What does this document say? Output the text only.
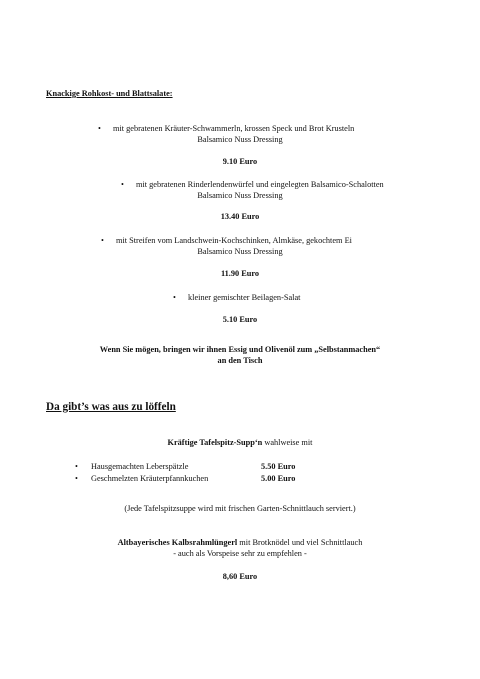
Knackige Rohkost- und Blattsalate:
• mit gebratenen Kräuter-Schwammerln, krossen Speck und Brot Krusteln
Balsamico Nuss Dressing
9.10 Euro
• mit gebratenen Rinderlendenwürfel und eingelegten Balsamico-Schalotten
Balsamico Nuss Dressing
13.40 Euro
• mit Streifen vom Landschwein-Kochschinken, Almkäse, gekochtem Ei
Balsamico Nuss Dressing
11.90 Euro
• kleiner gemischter Beilagen-Salat
5.10 Euro
Wenn Sie mögen, bringen wir ihnen Essig und Olivenöl zum „Selbstanmachen“
an den Tisch
Da gibt’s was aus zu löffeln
Kräftige Tafelspitz-Supp‘n wahlweise mit
• Hausgemachten Leberspätzle	5.50 Euro
• Geschmelzten Kräuterpfannkuchen	5.00 Euro
(Jede Tafelspitzsuppe wird mit frischen Garten-Schnittlauch serviert.)
Altbayerisches Kalbsrahmlüngerl mit Brotknödel und viel Schnittlauch
- auch als Vorspeise sehr zu empfehlen -
8,60 Euro
